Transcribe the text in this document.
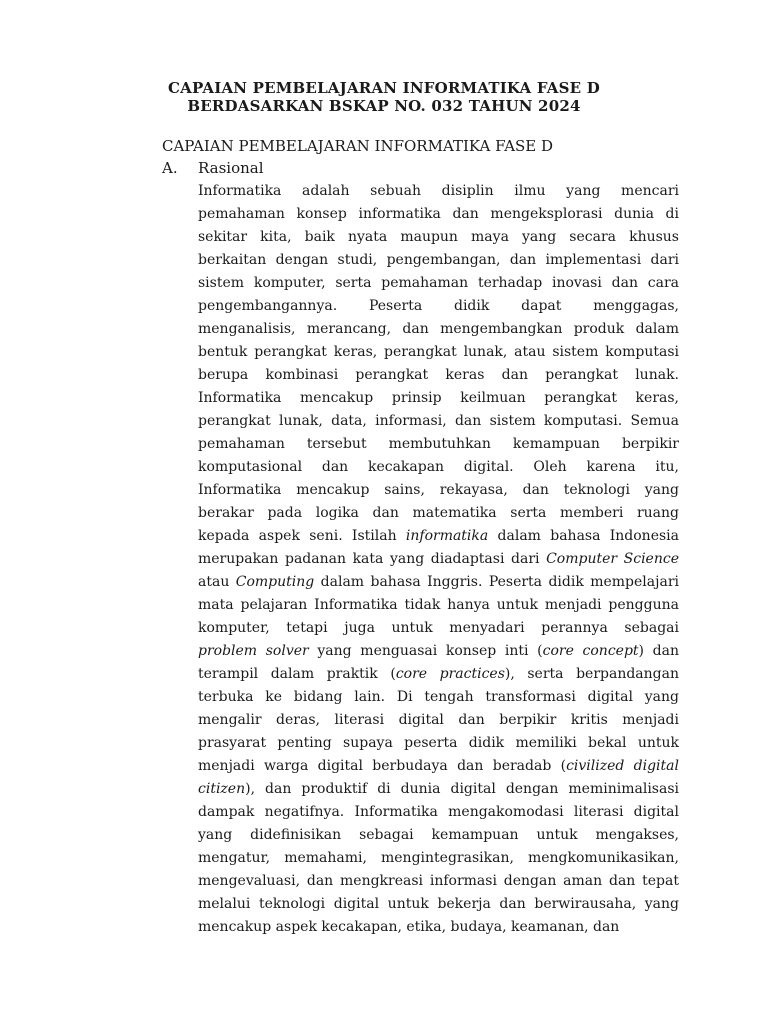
CAPAIAN PEMBELAJARAN INFORMATIKA FASE D
BERDASARKAN BSKAP NO. 032 TAHUN 2024
CAPAIAN PEMBELAJARAN INFORMATIKA FASE D
A. Rasional
Informatika adalah sebuah disiplin ilmu yang mencari
pemahaman konsep informatika dan mengeksplorasi dunia di
sekitar kita, baik nyata maupun maya yang secara khusus
berkaitan dengan studi, pengembangan, dan implementasi dari
sistem komputer, serta pemahaman terhadap inovasi dan cara
pengembangannya. Peserta didik dapat menggagas,
menganalisis, merancang, dan mengembangkan produk dalam
bentuk perangkat keras, perangkat lunak, atau sistem komputasi
berupa kombinasi perangkat keras dan perangkat lunak.
Informatika mencakup prinsip keilmuan perangkat keras,
perangkat lunak, data, informasi, dan sistem komputasi. Semua
pemahaman tersebut membutuhkan kemampuan berpikir
komputasional dan kecakapan digital. Oleh karena itu,
Informatika mencakup sains, rekayasa, dan teknologi yang
berakar pada logika dan matematika serta memberi ruang
kepada aspek seni. Istilah informatika dalam bahasa Indonesia
merupakan padanan kata yang diadaptasi dari Computer Science
atau Computing dalam bahasa Inggris. Peserta didik mempelajari
mata pelajaran Informatika tidak hanya untuk menjadi pengguna
komputer, tetapi juga untuk menyadari perannya sebagai
problem solver yang menguasai konsep inti (core concept) dan
terampil dalam praktik (core practices), serta berpandangan
terbuka ke bidang lain. Di tengah transformasi digital yang
mengalir deras, literasi digital dan berpikir kritis menjadi
prasyarat penting supaya peserta didik memiliki bekal untuk
menjadi warga digital berbudaya dan beradab (civilized digital
citizen), dan produktif di dunia digital dengan meminimalisasi
dampak negatifnya. Informatika mengakomodasi literasi digital
yang didefinisikan sebagai kemampuan untuk mengakses,
mengatur, memahami, mengintegrasikan, mengkomunikasikan,
mengevaluasi, dan mengkreasi informasi dengan aman dan tepat
melalui teknologi digital untuk bekerja dan berwirausaha, yang
mencakup aspek kecakapan, etika, budaya, keamanan, dan
